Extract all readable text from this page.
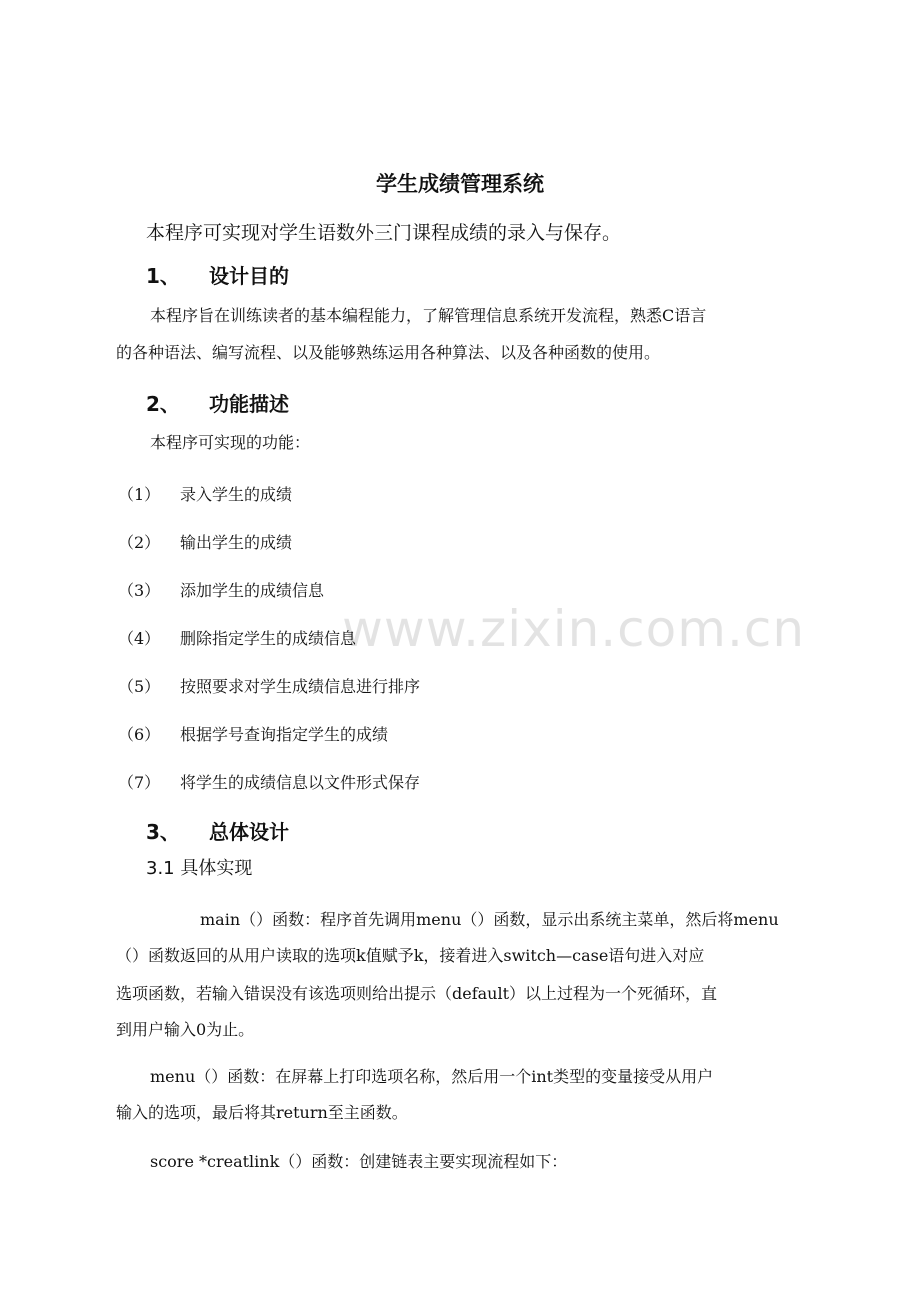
学生成绩管理系统
本程序可实现对学生语数外三门课程成绩的录入与保存。
1、 设计目的
本程序旨在训练读者的基本编程能力，了解管理信息系统开发流程，熟悉C语言
的各种语法、编写流程、以及能够熟练运用各种算法、以及各种函数的使用。
2、 功能描述
本程序可实现的功能：
（1） 录入学生的成绩
（2） 输出学生的成绩
（3） 添加学生的成绩信息
（4） 删除指定学生的成绩信息
（5） 按照要求对学生成绩信息进行排序
（6） 根据学号查询指定学生的成绩
（7） 将学生的成绩信息以文件形式保存
3、 总体设计
3.1 具体实现
main（）函数：程序首先调用menu（）函数，显示出系统主菜单，然后将menu
（）函数返回的从用户读取的选项k值赋予k，接着进入switch—case语句进入对应
选项函数，若输入错误没有该选项则给出提示（default）以上过程为一个死循环，直
到用户输入0为止。
menu（）函数：在屏幕上打印选项名称，然后用一个int类型的变量接受从用户
输入的选项，最后将其return至主函数。
score *creatlink（）函数：创建链表主要实现流程如下：
www.zixin.com.cn
